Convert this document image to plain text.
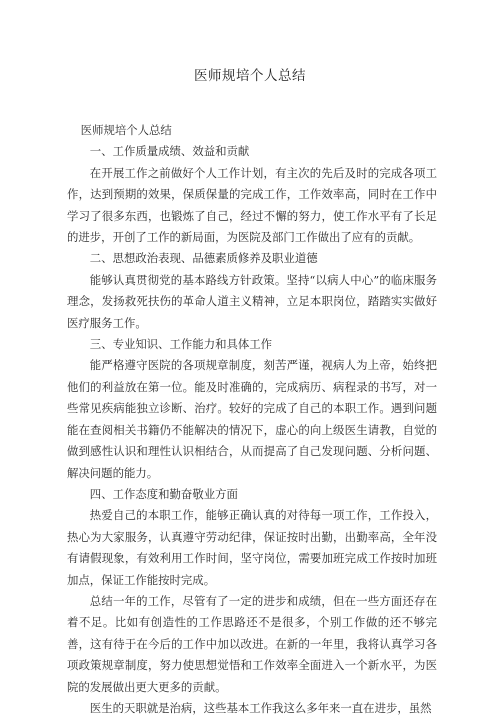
医师规培个人总结

医师规培个人总结

一、工作质量成绩、效益和贡献

在开展工作之前做好个人工作计划，有主次的先后及时的完成各项工作，达到预期的效果，保质保量的完成工作，工作效率高，同时在工作中学习了很多东西，也锻炼了自己，经过不懈的努力，使工作水平有了长足的进步，开创了工作的新局面，为医院及部门工作做出了应有的贡献。

二、思想政治表现、品德素质修养及职业道德

能够认真贯彻党的基本路线方针政策。坚持“以病人中心”的临床服务理念，发扬救死扶伤的革命人道主义精神，立足本职岗位，踏踏实实做好医疗服务工作。

三、专业知识、工作能力和具体工作

能严格遵守医院的各项规章制度，刻苦严谨，视病人为上帝，始终把他们的利益放在第一位。能及时准确的，完成病历、病程录的书写，对一些常见疾病能独立诊断、治疗。较好的完成了自己的本职工作。遇到问题能在查阅相关书籍仍不能解决的情况下，虚心的向上级医生请教，自觉的做到感性认识和理性认识相结合，从而提高了自己发现问题、分析问题、解决问题的能力。

四、工作态度和勤奋敬业方面

热爱自己的本职工作，能够正确认真的对待每一项工作，工作投入，热心为大家服务，认真遵守劳动纪律，保证按时出勤，出勤率高，全年没有请假现象，有效利用工作时间，坚守岗位，需要加班完成工作按时加班加点，保证工作能按时完成。

总结一年的工作，尽管有了一定的进步和成绩，但在一些方面还存在着不足。比如有创造性的工作思路还不是很多，个别工作做的还不够完善，这有待于在今后的工作中加以改进。在新的一年里，我将认真学习各项政策规章制度，努力使思想觉悟和工作效率全面进入一个新水平，为医院的发展做出更大更多的贡献。

医生的天职就是治病，这些基本工作我这么多年来一直在进步，虽然
